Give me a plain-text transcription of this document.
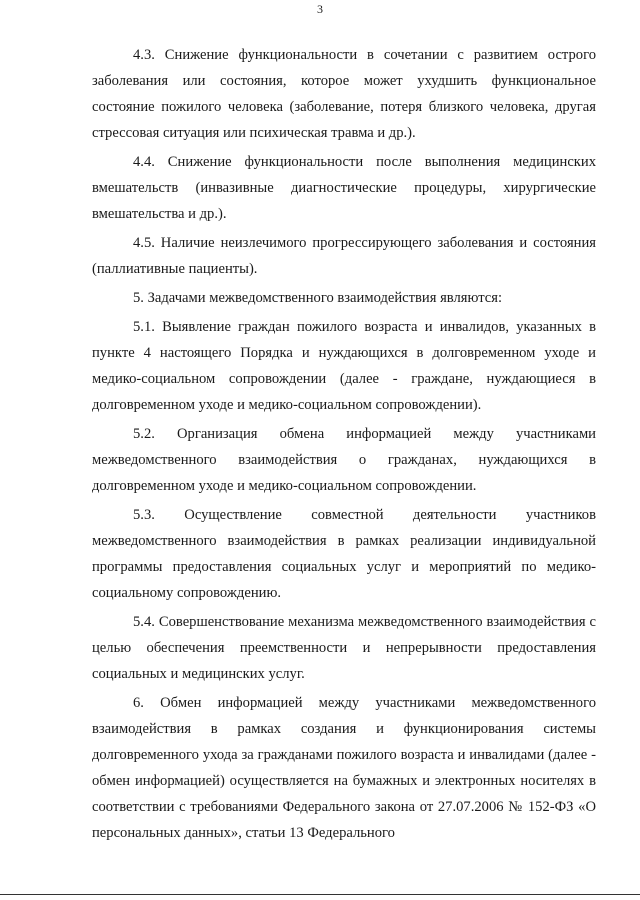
3

4.3. Снижение функциональности в сочетании с развитием острого заболевания или состояния, которое может ухудшить функциональное состояние пожилого человека (заболевание, потеря близкого человека, другая стрессовая ситуация или психическая травма и др.).

4.4. Снижение функциональности после выполнения медицинских вмешательств (инвазивные диагностические процедуры, хирургические вмешательства и др.).

4.5. Наличие неизлечимого прогрессирующего заболевания и состояния (паллиативные пациенты).

5. Задачами межведомственного взаимодействия являются:

5.1. Выявление граждан пожилого возраста и инвалидов, указанных в пункте 4 настоящего Порядка и нуждающихся в долговременном уходе и медико-социальном сопровождении (далее - граждане, нуждающиеся в долговременном уходе и медико-социальном сопровождении).

5.2. Организация обмена информацией между участниками межведомственного взаимодействия о гражданах, нуждающихся в долговременном уходе и медико-социальном сопровождении.

5.3. Осуществление совместной деятельности участников межведомственного взаимодействия в рамках реализации индивидуальной программы предоставления социальных услуг и мероприятий по медико-социальному сопровождению.

5.4. Совершенствование механизма межведомственного взаимодействия с целью обеспечения преемственности и непрерывности предоставления социальных и медицинских услуг.

6. Обмен информацией между участниками межведомственного взаимодействия в рамках создания и функционирования системы долговременного ухода за гражданами пожилого возраста и инвалидами (далее - обмен информацией) осуществляется на бумажных и электронных носителях в соответствии с требованиями Федерального закона от 27.07.2006 № 152-ФЗ «О персональных данных», статьи 13 Федерального
